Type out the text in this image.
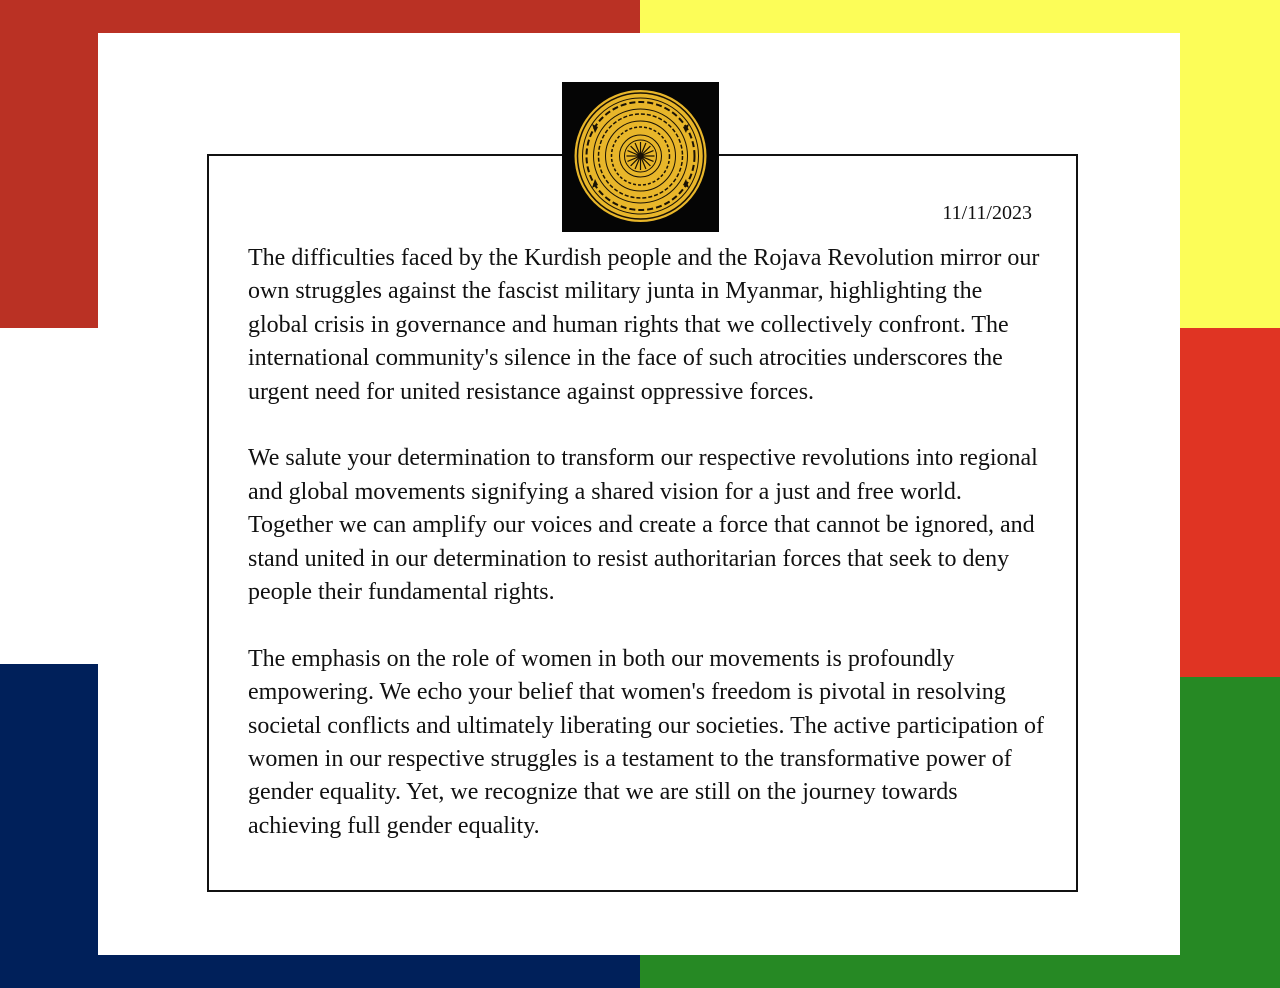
11/11/2023

The difficulties faced by the Kurdish people and the Rojava Revolution mirror our own struggles against the fascist military junta in Myanmar, highlighting the global crisis in governance and human rights that we collectively confront. The international community's silence in the face of such atrocities underscores the urgent need for united resistance against oppressive forces.

We salute your determination to transform our respective revolutions into regional and global movements signifying a shared vision for a just and free world. Together we can amplify our voices and create a force that cannot be ignored, and stand united in our determination to resist authoritarian forces that seek to deny people their fundamental rights.

The emphasis on the role of women in both our movements is profoundly empowering. We echo your belief that women's freedom is pivotal in resolving societal conflicts and ultimately liberating our societies. The active participation of women in our respective struggles is a testament to the transformative power of gender equality. Yet, we recognize that we are still on the journey towards achieving full gender equality.
